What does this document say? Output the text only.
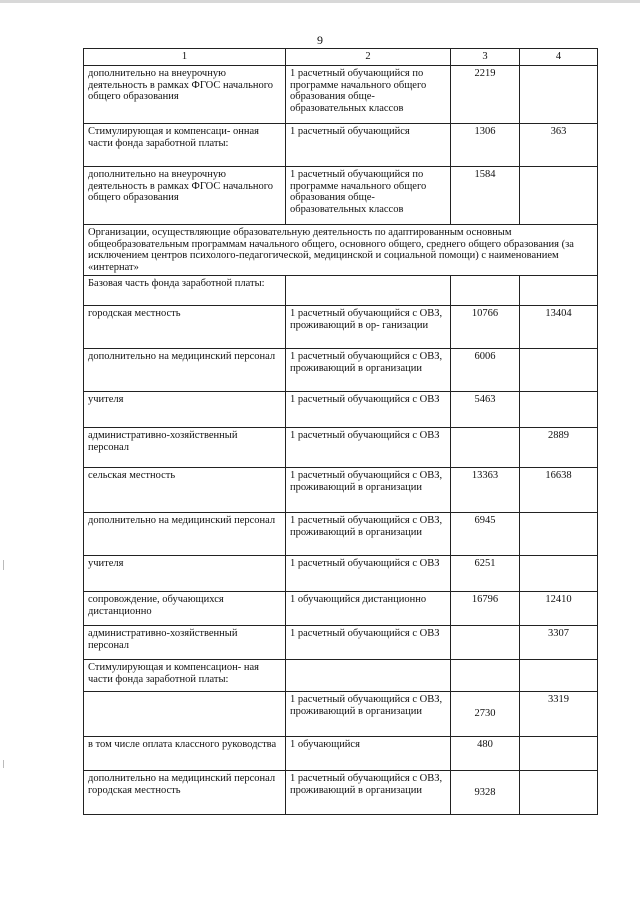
9
1	2	3	4
дополнительно на внеурочную деятельность в рамках ФГОС начального общего образования	1 расчетный обучающийся по программе начального общего образования обще- образовательных классов	2219	
Стимулирующая и компенсаци- онная части фонда заработной платы:	1 расчетный обучающийся	1306	363
дополнительно на внеурочную деятельность в рамках ФГОС начального общего образования	1 расчетный обучающийся по программе начального общего образования обще- образовательных классов	1584	
Организации, осуществляющие образовательную деятельность по адаптированным основным общеобразовательным программам начального общего, основного общего, среднего общего образования (за исключением центров психолого-педагогической, медицинской и социальной помощи) с наименованием «интернат»			
Базовая часть фонда заработной платы:			
городская местность	1 расчетный обучающийся с ОВЗ, проживающий в ор- ганизации	10766	13404
дополнительно на медицинский персонал	1 расчетный обучающийся с ОВЗ, проживающий в организации	6006	
учителя	1 расчетный обучающийся с ОВЗ	5463	
административно-хозяйственный персонал	1 расчетный обучающийся с ОВЗ		2889
сельская местность	1 расчетный обучающийся с ОВЗ, проживающий в организации	13363	16638
дополнительно на медицинский персонал	1 расчетный обучающийся с ОВЗ, проживающий в организации	6945	
учителя	1 расчетный обучающийся с ОВЗ	6251	
сопровождение, обучающихся дистанционно	1 обучающийся дистанционно	16796	12410
административно-хозяйственный персонал	1 расчетный обучающийся с ОВЗ		3307
Стимулирующая и компенсацион- ная части фонда заработной платы:			
	1 расчетный обучающийся с ОВЗ, проживающий в организации	2730	3319
в том числе оплата классного руководства	1 обучающийся	480	
дополнительно на медицинский персонал городская местность	1 расчетный обучающийся с ОВЗ, проживающий в организации	9328	
